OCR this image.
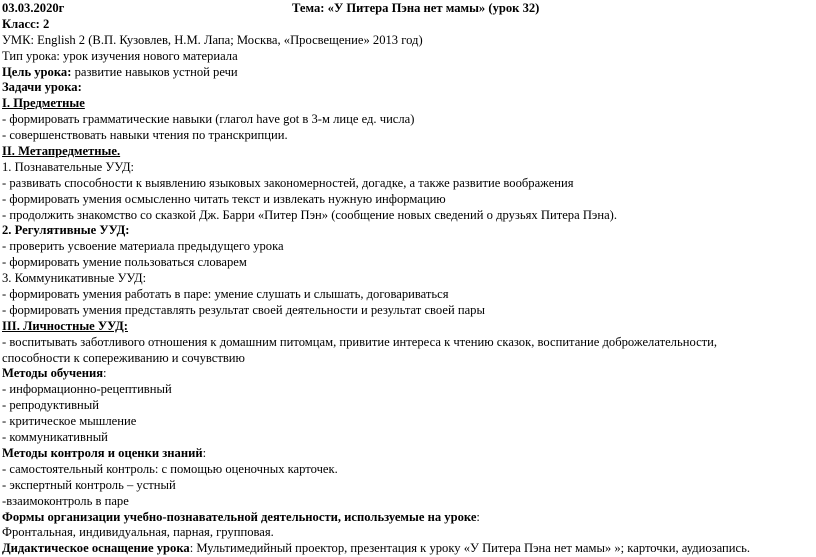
03.03.2020г	Тема: «У Питера Пэна нет мамы» (урок 32)
Класс: 2
УМК: English 2 (В.П. Кузовлев, Н.М. Лапа; Москва, «Просвещение» 2013 год)
Тип урока: урок изучения нового материала
Цель урока: развитие навыков устной речи
Задачи урока:
I. Предметные
- формировать грамматические навыки (глагол have got в 3-м лице ед. числа)
- совершенствовать навыки чтения по транскрипции.
II. Метапредметные.
1. Познавательные УУД:
- развивать способности к выявлению языковых закономерностей, догадке, а также развитие воображения
- формировать умения осмысленно читать текст и извлекать нужную информацию
- продолжить знакомство со сказкой Дж. Барри «Питер Пэн» (сообщение новых сведений о друзьях Питера Пэна).
2. Регулятивные УУД:
- проверить усвоение материала предыдущего урока
- формировать умение пользоваться словарем
3. Коммуникативные УУД:
- формировать умения работать в паре: умение слушать и слышать, договариваться
- формировать умения представлять результат своей деятельности и результат своей пары
III. Личностные УУД:
- воспитывать заботливого отношения к домашним питомцам, привитие интереса к чтению сказок, воспитание доброжелательности,
способности к сопереживанию и сочувствию
Методы обучения:
- информационно-рецептивный
- репродуктивный
- критическое мышление
- коммуникативный
Методы контроля и оценки знаний:
- самостоятельный контроль: с помощью оценочных карточек.
- экспертный контроль – устный
-взаимоконтроль в паре
Формы организации учебно-познавательной деятельности, используемые на уроке:
Фронтальная, индивидуальная, парная, групповая.
Дидактическое оснащение урока: Мультимедийный проектор, презентация к уроку «У Питера Пэна нет мамы» »; карточки, аудиозапись.
